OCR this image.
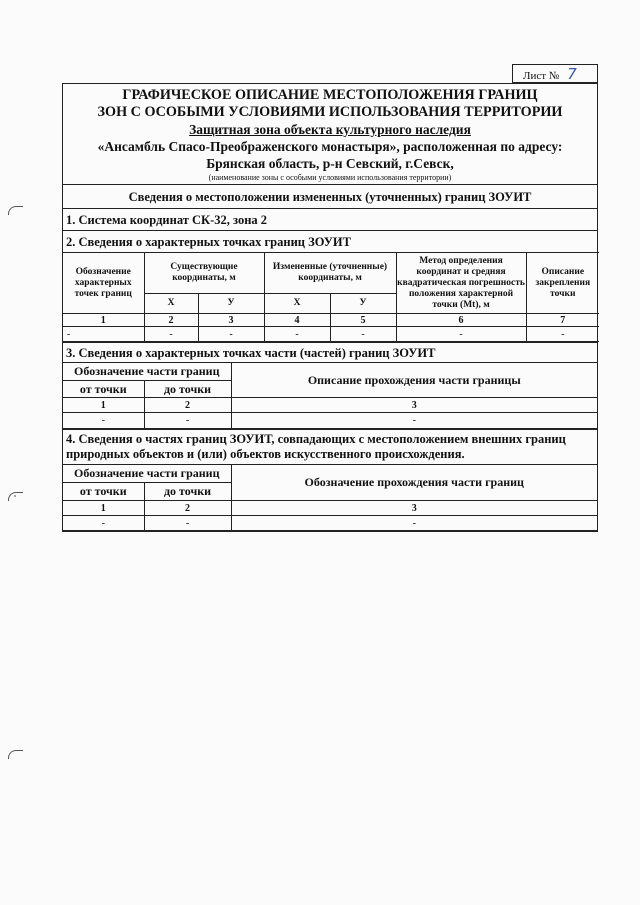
Лист № 7
ГРАФИЧЕСКОЕ ОПИСАНИЕ МЕСТОПОЛОЖЕНИЯ ГРАНИЦ
ЗОН С ОСОБЫМИ УСЛОВИЯМИ ИСПОЛЬЗОВАНИЯ ТЕРРИТОРИИ
Защитная зона объекта культурного наследия
«Ансамбль Спасо-Преображенского монастыря», расположенная по адресу:
Брянская область, р-н Севский, г.Севск,
(наименование зоны с особыми условиями использования территории)
Сведения о местоположении измененных (уточненных) границ ЗОУИТ
1. Система координат СК-32, зона 2
2. Сведения о характерных точках границ ЗОУИТ
Обозначение характерных точек границ	Существующие координаты, м		Измененные (уточненные) координаты, м		Метод определения координат и средняя квадратическая погрешность положения характерной точки (Mt), м	Описание закрепления точки
	Х	У	Х	У		
1	2	3	4	5	6	7
-	-	-	-	-	-	-
3. Сведения о характерных точках части (частей) границ ЗОУИТ
Обозначение части границ		Описание прохождения части границы
от точки	до точки	
1	2	3
-	-	-
4. Сведения о частях границ ЗОУИТ, совпадающих с местоположением внешних границ природных объектов и (или) объектов искусственного происхождения.
Обозначение части границ		Обозначение прохождения части границ
от точки	до точки	
1	2	3
-	-	-
